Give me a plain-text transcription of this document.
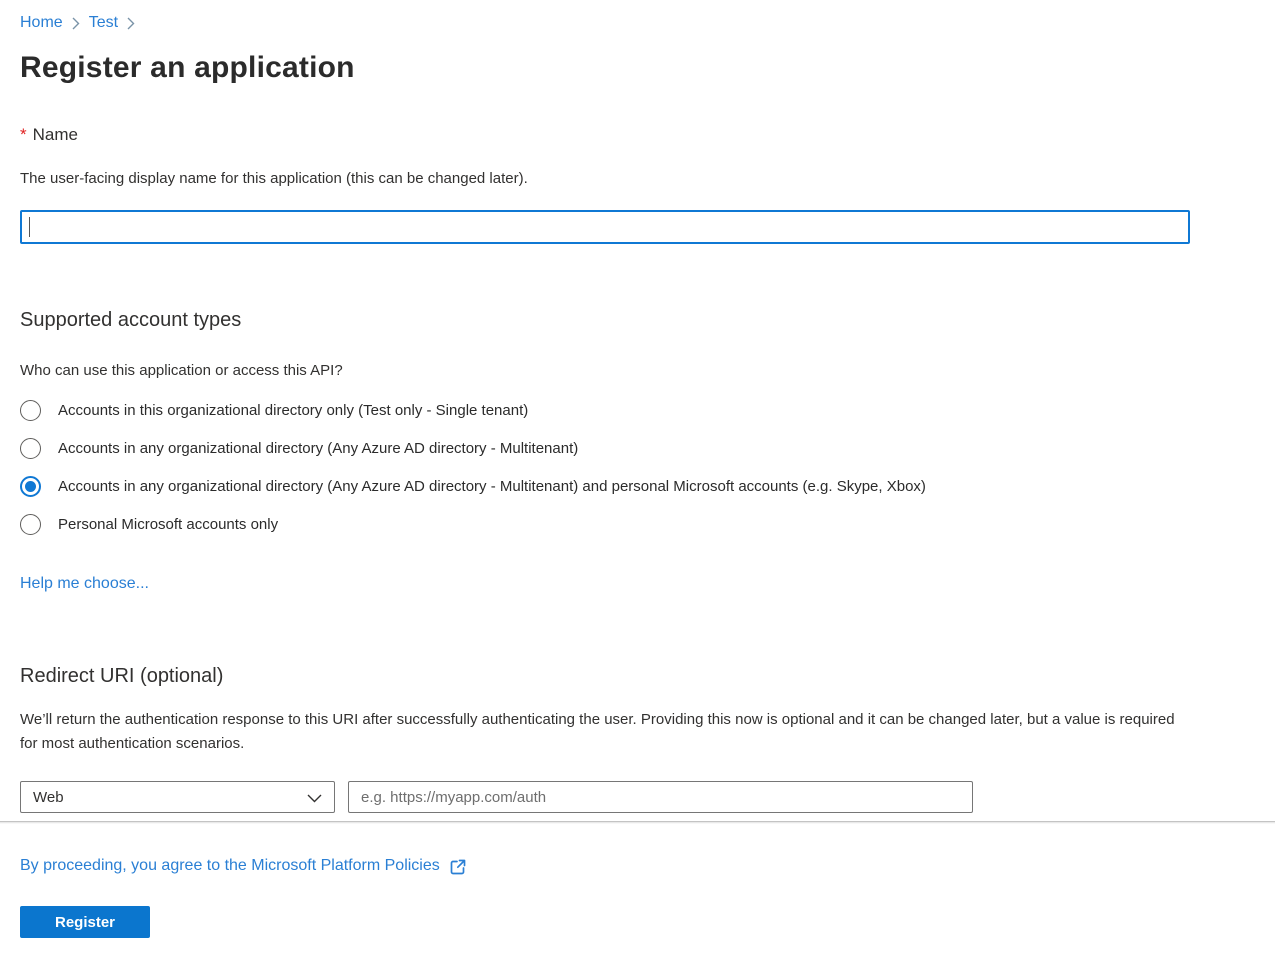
Home Test
Register an application
* Name
The user-facing display name for this application (this can be changed later).
Supported account types
Who can use this application or access this API?
Accounts in this organizational directory only (Test only - Single tenant)
Accounts in any organizational directory (Any Azure AD directory - Multitenant)
Accounts in any organizational directory (Any Azure AD directory - Multitenant) and personal Microsoft accounts (e.g. Skype, Xbox)
Personal Microsoft accounts only
Help me choose...
Redirect URI (optional)
We’ll return the authentication response to this URI after successfully authenticating the user. Providing this now is optional and it can be changed later, but a value is required for most authentication scenarios.
Web
e.g. https://myapp.com/auth
By proceeding, you agree to the Microsoft Platform Policies
Register
